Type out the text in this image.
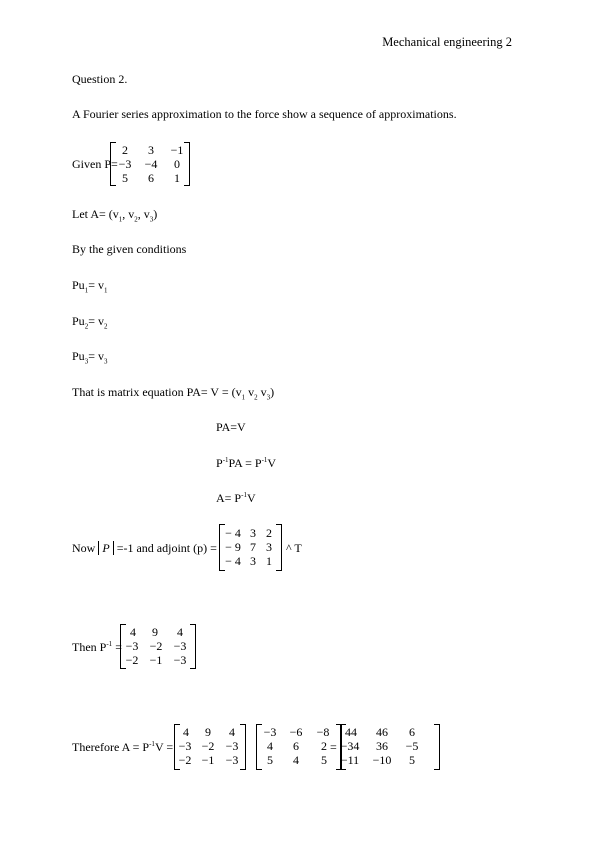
Mechanical engineering 2
Question 2.
A Fourier series approximation to the force show a sequence of approximations.
Given P=
2	3	−1
−3	−4	0
5	6	1
Let $A= (v_1$, $v_2$, $v_3$)
By the given conditions
$Pu_1= v_1$
$Pu_2= v_2$
$Pu_3= v_3$
That is matrix equation $PA= V = (v_1$ $v_2$ $v_3$)
PA=V
$P^{-1}PA = P^{-1}V$
$A= P^{-1}V$
Now P =-1 and adjoint (p) =
− 4 3 2
− 9 7 3
− 4 3 1
^ T
Then $P^{-1}$ =
4	9	4
−3 −2 −3
−2 −1 −3
Therefore $A = P^{-1}V$ =
4	9	4
−3 −2 −3
−2 −1 −3
−3	−6	−8
4	6	2
5	4	5
=
44	46	6
−34	36	−5
−11	−10	5
